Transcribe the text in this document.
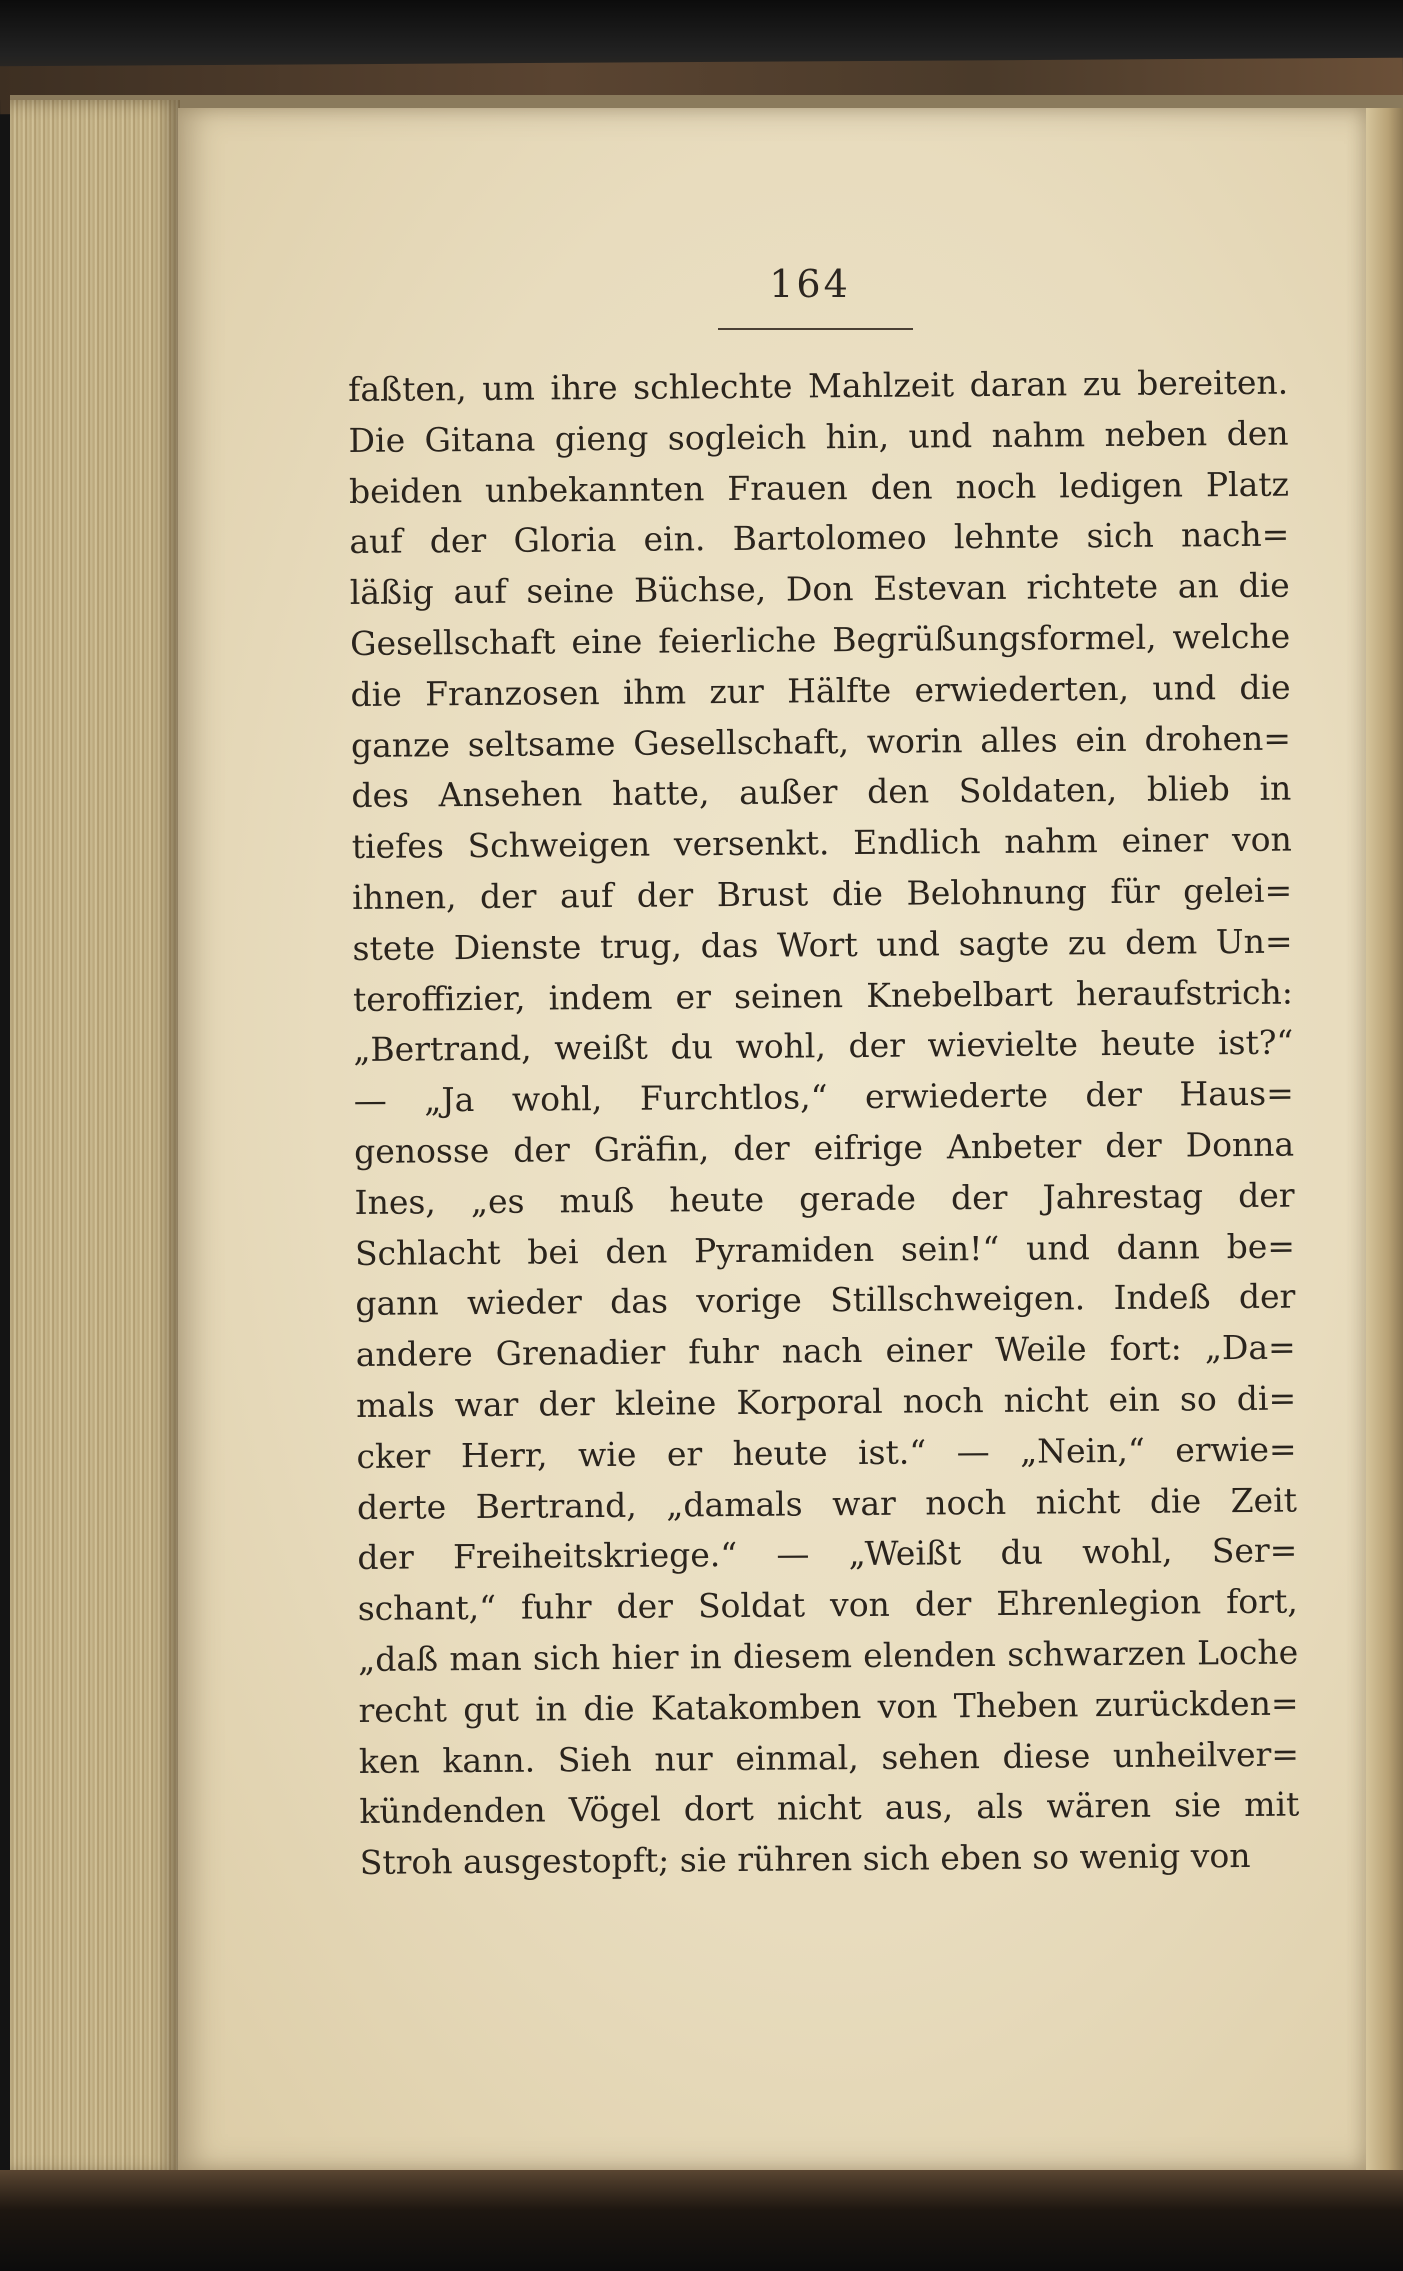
164
faßten, um ihre schlechte Mahlzeit daran zu bereiten.
Die Gitana gieng sogleich hin, und nahm neben den
beiden unbekannten Frauen den noch ledigen Platz
auf der Gloria ein. Bartolomeo lehnte sich nach=
läßig auf seine Büchse, Don Estevan richtete an die
Gesellschaft eine feierliche Begrüßungsformel, welche
die Franzosen ihm zur Hälfte erwiederten, und die
ganze seltsame Gesellschaft, worin alles ein drohen=
des Ansehen hatte, außer den Soldaten, blieb in
tiefes Schweigen versenkt. Endlich nahm einer von
ihnen, der auf der Brust die Belohnung für gelei=
stete Dienste trug, das Wort und sagte zu dem Un=
teroffizier, indem er seinen Knebelbart heraufstrich:
„Bertrand, weißt du wohl, der wievielte heute ist?“
— „Ja wohl, Furchtlos,“ erwiederte der Haus=
genosse der Gräfin, der eifrige Anbeter der Donna
Ines, „es muß heute gerade der Jahrestag der
Schlacht bei den Pyramiden sein!“ und dann be=
gann wieder das vorige Stillschweigen. Indeß der
andere Grenadier fuhr nach einer Weile fort: „Da=
mals war der kleine Korporal noch nicht ein so di=
cker Herr, wie er heute ist.“ — „Nein,“ erwie=
derte Bertrand, „damals war noch nicht die Zeit
der Freiheitskriege.“ — „Weißt du wohl, Ser=
schant,“ fuhr der Soldat von der Ehrenlegion fort,
„daß man sich hier in diesem elenden schwarzen Loche
recht gut in die Katakomben von Theben zurückden=
ken kann. Sieh nur einmal, sehen diese unheilver=
kündenden Vögel dort nicht aus, als wären sie mit
Stroh ausgestopft; sie rühren sich eben so wenig von
